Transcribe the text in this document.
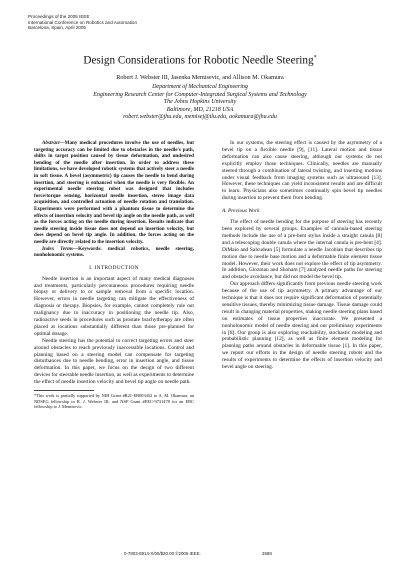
Proceedings of the 2005 IEEE
International Conference on Robotics and Automation
Barcelona, Spain, April 2005
Design Considerations for Robotic Needle Steering*
Robert J. Webster III, Jasenka Memisevic, and Allison M. Okamura
Department of Mechanical Engineering
Engineering Research Center for Computer-Integrated Surgical Systems and Technology
The Johns Hopkins University
Baltimore, MD, 21218 USA
robert.webster@jhu.edu, memisej@tlu.edu, aokamura@jhu.edu

Abstract—Many medical procedures involve the use of needles, but targeting accuracy can be limited due to obstacles in the needle's path, shifts in target position caused by tissue deformation, and undesired bending of the needle after insertion. In order to address these limitations, we have developed robotic systems that actively steer a needle in soft tissue. A bevel (asymmetric) tip causes the needle to bend during insertion, and steering is enhanced when the needle is very flexible. An experimental needle steering robot was designed that includes force/torque sensing, horizontal needle insertion, stereo image data acquisition, and controlled actuation of needle rotation and translation. Experiments were performed with a phantom tissue to determine the effects of insertion velocity and bevel tip angle on the needle path, as well as the forces acting on the needle during insertion. Results indicate that needle steering inside tissue does not depend on insertion velocity, but does depend on bevel tip angle. In addition, the forces acting on the needle are directly related to the insertion velocity.

Index Terms—Keywords: medical robotics, needle steering, nonholonomic systems.

I. INTRODUCTION

Needle insertion is an important aspect of many medical diagnoses and treatments, particularly percutaneous procedures requiring needle biopsy or delivery to or sample removal from a specific location. However, errors in needle targeting can mitigate the effectiveness of diagnosis or therapy. Biopsies, for example, cannot completely rule out malignancy due to inaccuracy in positioning the needle tip. Also, radioactive seeds in procedures such as prostate brachytherapy are often placed at locations substantially different than those pre-planned for optimal dosage.

Needle steering has the potential to correct targeting errors and steer around obstacles to reach previously inaccessible locations. Control and planning based on a steering model can compensate for targeting disturbances due to needle bending, error in insertion angle, and tissue deformation. In this paper, we focus on the design of two different devices for steerable needle insertion, as well as experiments to determine the effect of needle insertion velocity and bevel tip angle on needle path.

*This work is partially supported by NIH Grant #R21-EB003452 to A. M. Okamura, an NDSEG fellowship to R. J. Webster III, and NSF Grant #EEC-9731478 for an ERC fellowship to J. Memisevic.

In our systems, the steering effect is caused by the asymmetry of a bevel tip on a flexible needle [9], [11]. Lateral motion and tissue deformation can also cause steering, although our systems do not explicitly employ those techniques. Clinically, needles are manually steered through a combination of lateral twisting, and inserting motions under visual feedback from imaging systems such as ultrasound [13]. However, these techniques can yield inconsistent results and are difficult to learn. Physicians also sometimes continually spin bevel tip needles during insertion to prevent them from bending.

A. Previous Work

The effect of needle bending for the purpose of steering has recently been explored by several groups. Examples of cannula-based steering methods include the use of a pre-bent stylus inside a straight canula [8] and a telescoping double canula where the internal canula is pre-bent [4]. DiMaio and Salcudean [5] formulate a needle Jacobian that describes tip motion due to needle base motion and a deformable finite element tissue model. However, their work does not explore the effect of tip asymmetry. In addition, Glozman and Shoham [7] analyzed needle paths for steering and obstacle avoidance, but did not model the bevel tip.

Our approach differs significantly from previous needle steering work because of the use of tip asymmetry. A primary advantage of our technique is that it does not require significant deformation of potentially sensitive tissues, thereby minimizing tissue damage. Tissue damage could result in changing material properties, making needle steering plans based on estimates of tissue properties inaccurate. We presented a nonholonomic model of needle steering and our preliminary experiments in [8]. Our group is also exploring reachability, stochastic modeling and probabilistic planning [12], as well as finite element modeling for planning paths around obstacles in deformable tissue [1]. In this paper, we report our efforts in the design of needle steering robots and the results of experiments to determine the effects of insertion velocity and bevel angle on steering.

0-7803-8914-X/05/$20.00 ©2005 IEEE.	3588
